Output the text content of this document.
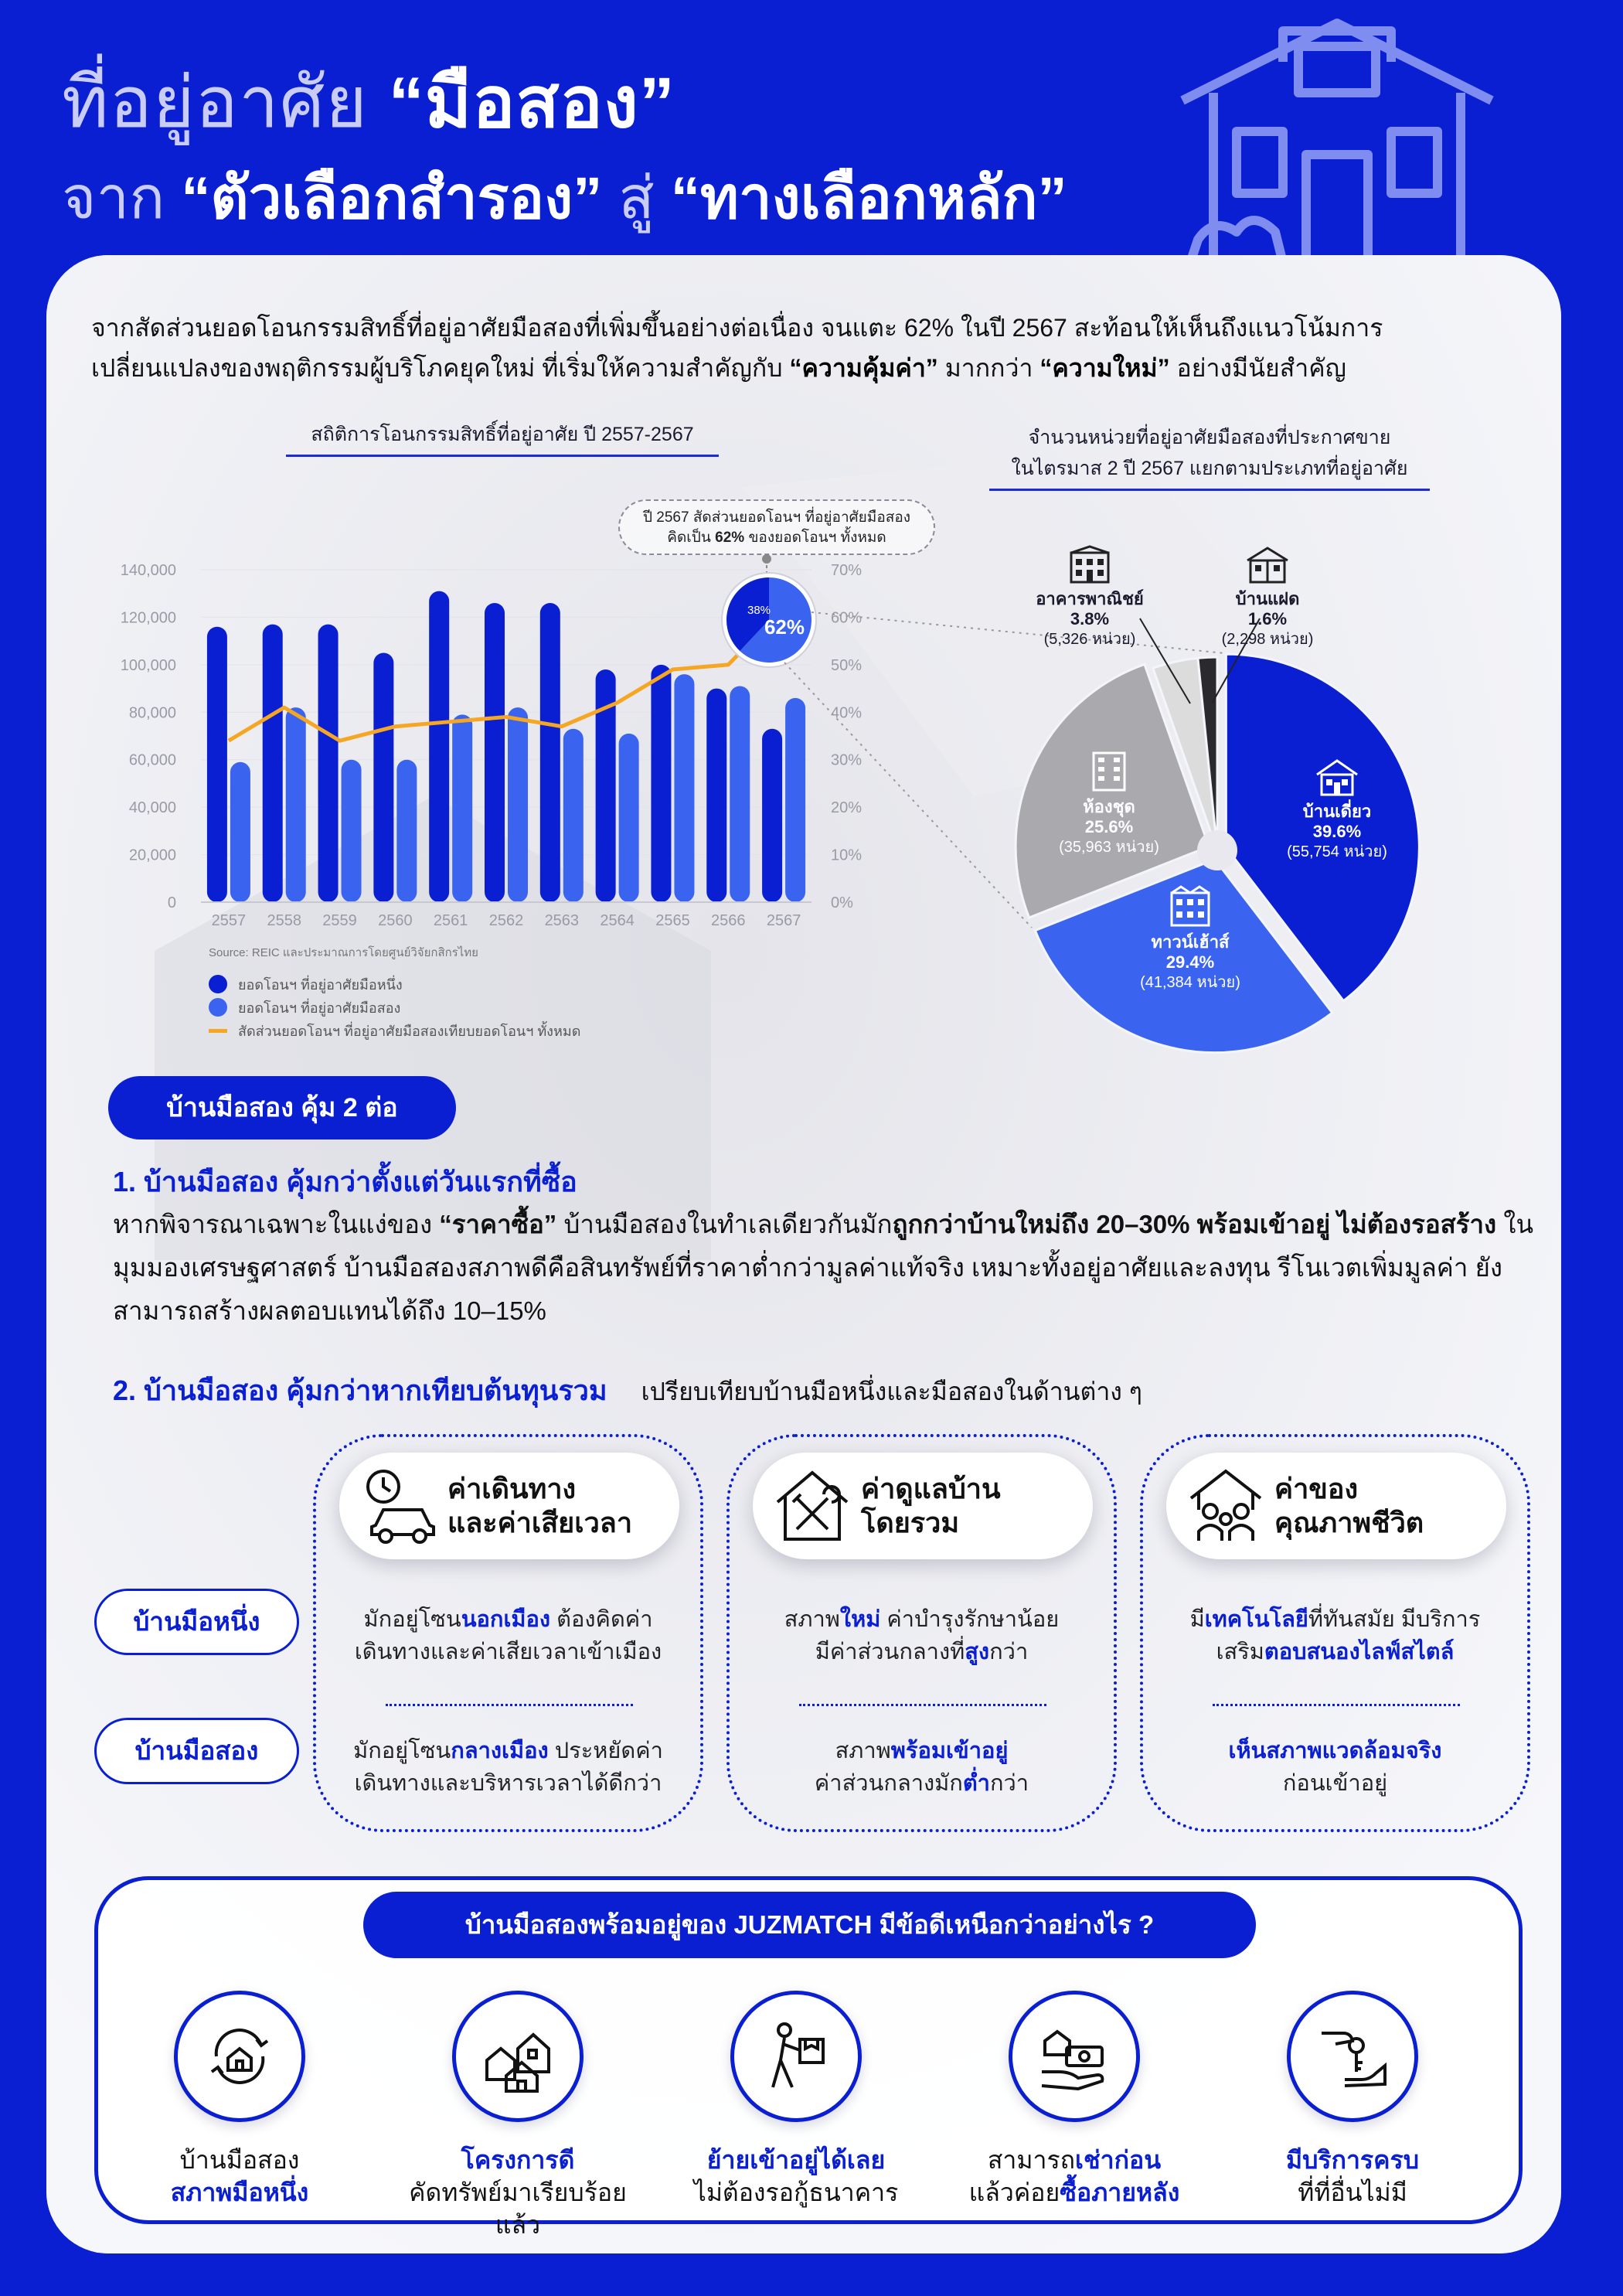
ที่อยู่อาศัย “มือสอง”
จาก “ตัวเลือกสำรอง” สู่ “ทางเลือกหลัก”
จากสัดส่วนยอดโอนกรรมสิทธิ์ที่อยู่อาศัยมือสองที่เพิ่มขึ้นอย่างต่อเนื่อง จนแตะ 62% ในปี 2567 สะท้อนให้เห็นถึงแนวโน้มการ
เปลี่ยนแปลงของพฤติกรรมผู้บริโภคยุคใหม่ ที่เริ่มให้ความสำคัญกับ “ความคุ้มค่า” มากกว่า “ความใหม่” อย่างมีนัยสำคัญ
สถิติการโอนกรรมสิทธิ์ที่อยู่อาศัย ปี 2557-2567	จำนวนหน่วยที่อยู่อาศัยมือสองที่ประกาศขาย
ในไตรมาส 2 ปี 2567 แยกตามประเภทที่อยู่อาศัย
ปี 2567 สัดส่วนยอดโอนฯ ที่อยู่อาศัยมือสอง
คิดเป็น 62% ของยอดโอนฯ ทั้งหมด
0
20,000
40,000
60,000
80,000
100,000
120,000
140,000
0%
10%
20%
30%
40%
50%
60%
70%
2557 2558 2559 2560 2561 2562 2563 2564 2565 2566 2567
38%
62%
Source: REIC และประมาณการโดยศูนย์วิจัยกสิกรไทย
ยอดโอนฯ ที่อยู่อาศัยมือหนึ่ง
ยอดโอนฯ ที่อยู่อาศัยมือสอง
สัดส่วนยอดโอนฯ ที่อยู่อาศัยมือสองเทียบยอดโอนฯ ทั้งหมด
อาคารพาณิชย์
3.8%
(5,326 หน่วย)
บ้านแฝด
1.6%
(2,298 หน่วย)
ห้องชุด
25.6%
(35,963 หน่วย)
บ้านเดี่ยว
39.6%
(55,754 หน่วย)
ทาวน์เฮ้าส์
29.4%
(41,384 หน่วย)
บ้านมือสอง คุ้ม 2 ต่อ
1. บ้านมือสอง คุ้มกว่าตั้งแต่วันแรกที่ซื้อ
หากพิจารณาเฉพาะในแง่ของ “ราคาซื้อ” บ้านมือสองในทำเลเดียวกันมักถูกกว่าบ้านใหม่ถึง 20–30% พร้อมเข้าอยู่ ไม่ต้องรอสร้าง ในมุมมองเศรษฐศาสตร์ บ้านมือสองสภาพดีคือสินทรัพย์ที่ราคาต่ำกว่ามูลค่าแท้จริง เหมาะทั้งอยู่อาศัยและลงทุน รีโนเวตเพิ่มมูลค่า ยังสามารถสร้างผลตอบแทนได้ถึง 10–15%
2. บ้านมือสอง คุ้มกว่าหากเทียบต้นทุนรวม เปรียบเทียบบ้านมือหนึ่งและมือสองในด้านต่าง ๆ
บ้านมือหนึ่ง
บ้านมือสอง
ค่าเดินทาง
และค่าเสียเวลา
มักอยู่โซนนอกเมือง ต้องคิดค่า
เดินทางและค่าเสียเวลาเข้าเมือง
มักอยู่โซนกลางเมือง ประหยัดค่า
เดินทางและบริหารเวลาได้ดีกว่า
ค่าดูแลบ้าน
โดยรวม
สภาพใหม่ ค่าบำรุงรักษาน้อย
มีค่าส่วนกลางที่สูงกว่า
สภาพพร้อมเข้าอยู่
ค่าส่วนกลางมักต่ำกว่า
ค่าของ
คุณภาพชีวิต
มีเทคโนโลยีที่ทันสมัย มีบริการ
เสริมตอบสนองไลฟ์สไตล์
เห็นสภาพแวดล้อมจริง
ก่อนเข้าอยู่
บ้านมือสองพร้อมอยู่ของ JUZMATCH มีข้อดีเหนือกว่าอย่างไร ?
บ้านมือสอง
สภาพมือหนึ่ง
โครงการดี
คัดทรัพย์มาเรียบร้อยแล้ว
ย้ายเข้าอยู่ได้เลย
ไม่ต้องรอกู้ธนาคาร
สามารถเช่าก่อน
แล้วค่อยซื้อภายหลัง
มีบริการครบ
ที่ที่อื่นไม่มี
